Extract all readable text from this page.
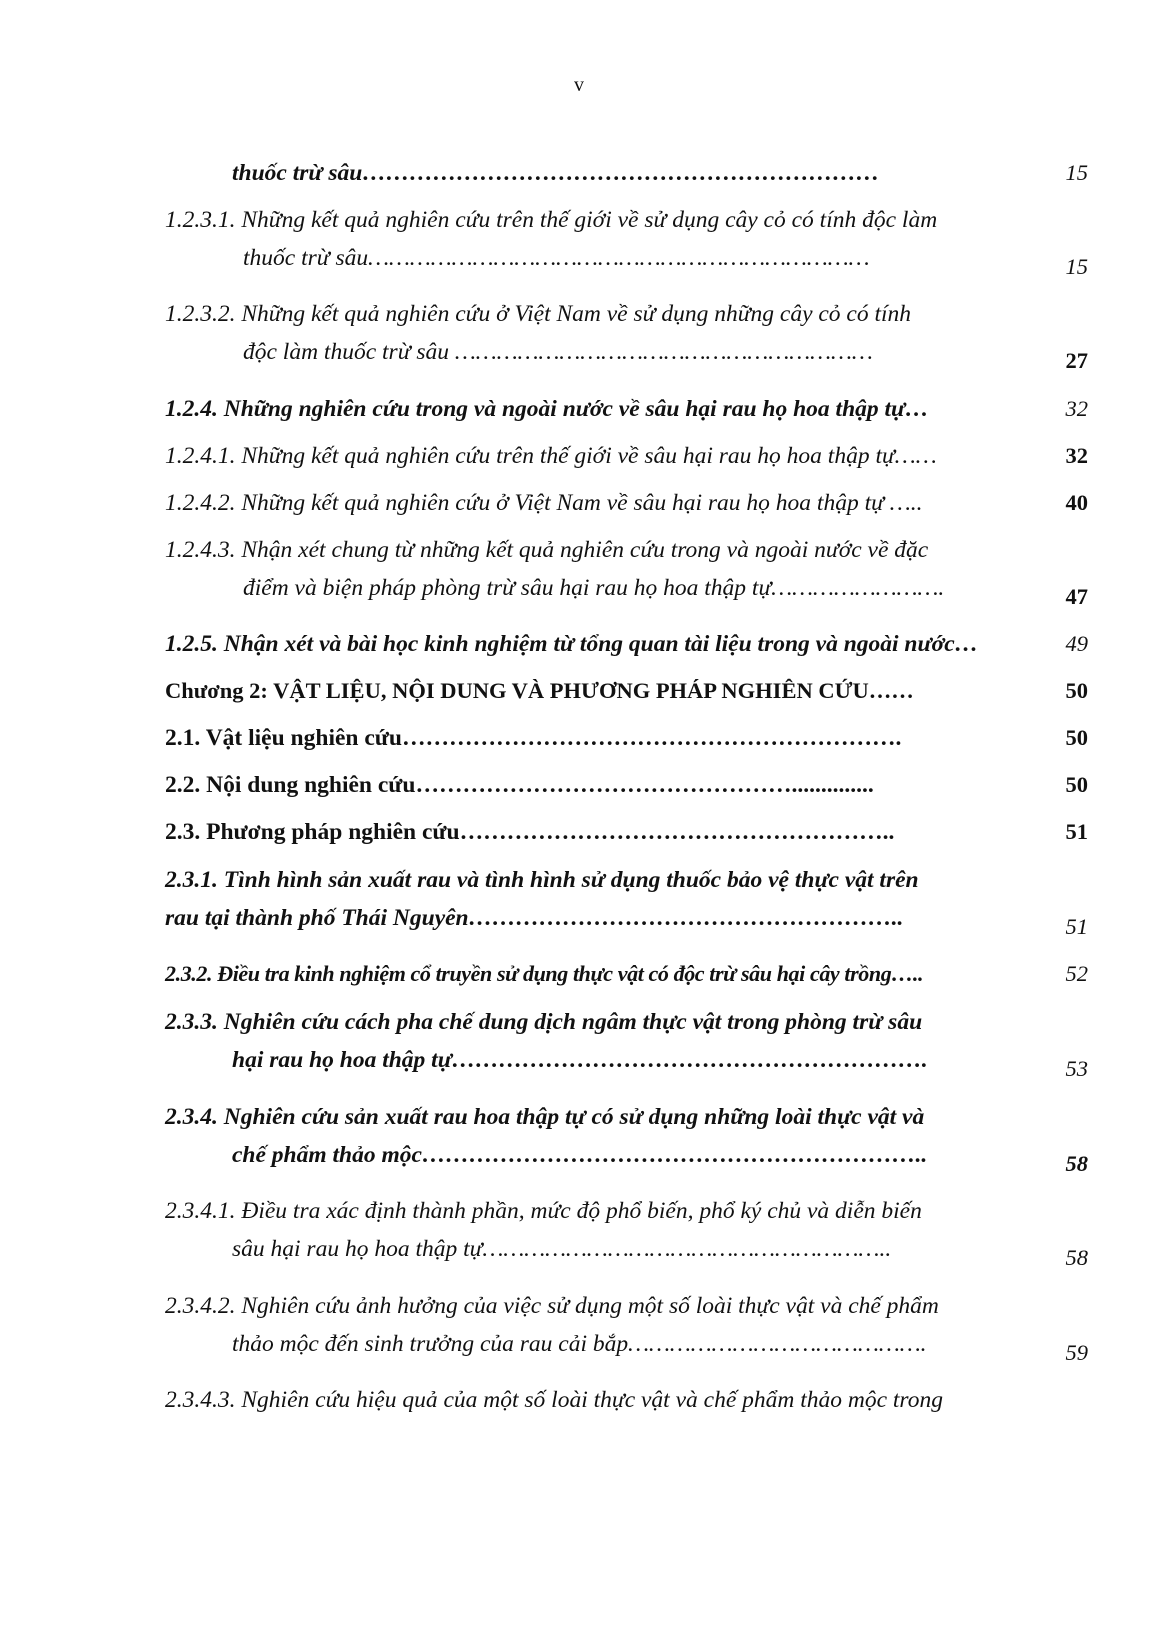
v
thuốc trừ sâu…………………………………………………………	15
1.2.3.1. Những kết quả nghiên cứu trên thế giới về sử dụng cây cỏ có tính độc làm
thuốc trừ sâu………………………………………………………………	15
1.2.3.2. Những kết quả nghiên cứu ở Việt Nam về sử dụng những cây cỏ có tính
độc làm thuốc trừ sâu ……………………………………………………	27
1.2.4. Những nghiên cứu trong và ngoài nước về sâu hại rau họ hoa thập tự…	32
1.2.4.1. Những kết quả nghiên cứu trên thế giới về sâu hại rau họ hoa thập tự……	32
1.2.4.2. Những kết quả nghiên cứu ở Việt Nam về sâu hại rau họ hoa thập tự …..	40
1.2.4.3. Nhận xét chung từ những kết quả nghiên cứu trong và ngoài nước về đặc
điểm và biện pháp phòng trừ sâu hại rau họ hoa thập tự…………………….	47
1.2.5. Nhận xét và bài học kinh nghiệm từ tổng quan tài liệu trong và ngoài nước…	49
Chương 2: VẬT LIỆU, NỘI DUNG VÀ PHƯƠNG PHÁP NGHIÊN CỨU……	50
2.1. Vật liệu nghiên cứu……………………………………………………….	50
2.2. Nội dung nghiên cứu…………………………………………..............	50
2.3. Phương pháp nghiên cứu………………………………………………..	51
2.3.1. Tình hình sản xuất rau và tình hình sử dụng thuốc bảo vệ thực vật trên
rau tại thành phố Thái Nguyên………………………………………………..	51
2.3.2. Điều tra kinh nghiệm cổ truyền sử dụng thực vật có độc trừ sâu hại cây trồng…..	52
2.3.3. Nghiên cứu cách pha chế dung dịch ngâm thực vật trong phòng trừ sâu
hại rau họ hoa thập tự…………………………………………………….	53
2.3.4. Nghiên cứu sản xuất rau hoa thập tự có sử dụng những loài thực vật và
chế phẩm thảo mộc………………………………………………………..	58
2.3.4.1. Điều tra xác định thành phần, mức độ phổ biến, phổ ký chủ và diễn biến
sâu hại rau họ hoa thập tự…………………………………………………..	58
2.3.4.2. Nghiên cứu ảnh hưởng của việc sử dụng một số loài thực vật và chế phẩm
thảo mộc đến sinh trưởng của rau cải bắp…………………………………….	59
2.3.4.3. Nghiên cứu hiệu quả của một số loài thực vật và chế phẩm thảo mộc trong
